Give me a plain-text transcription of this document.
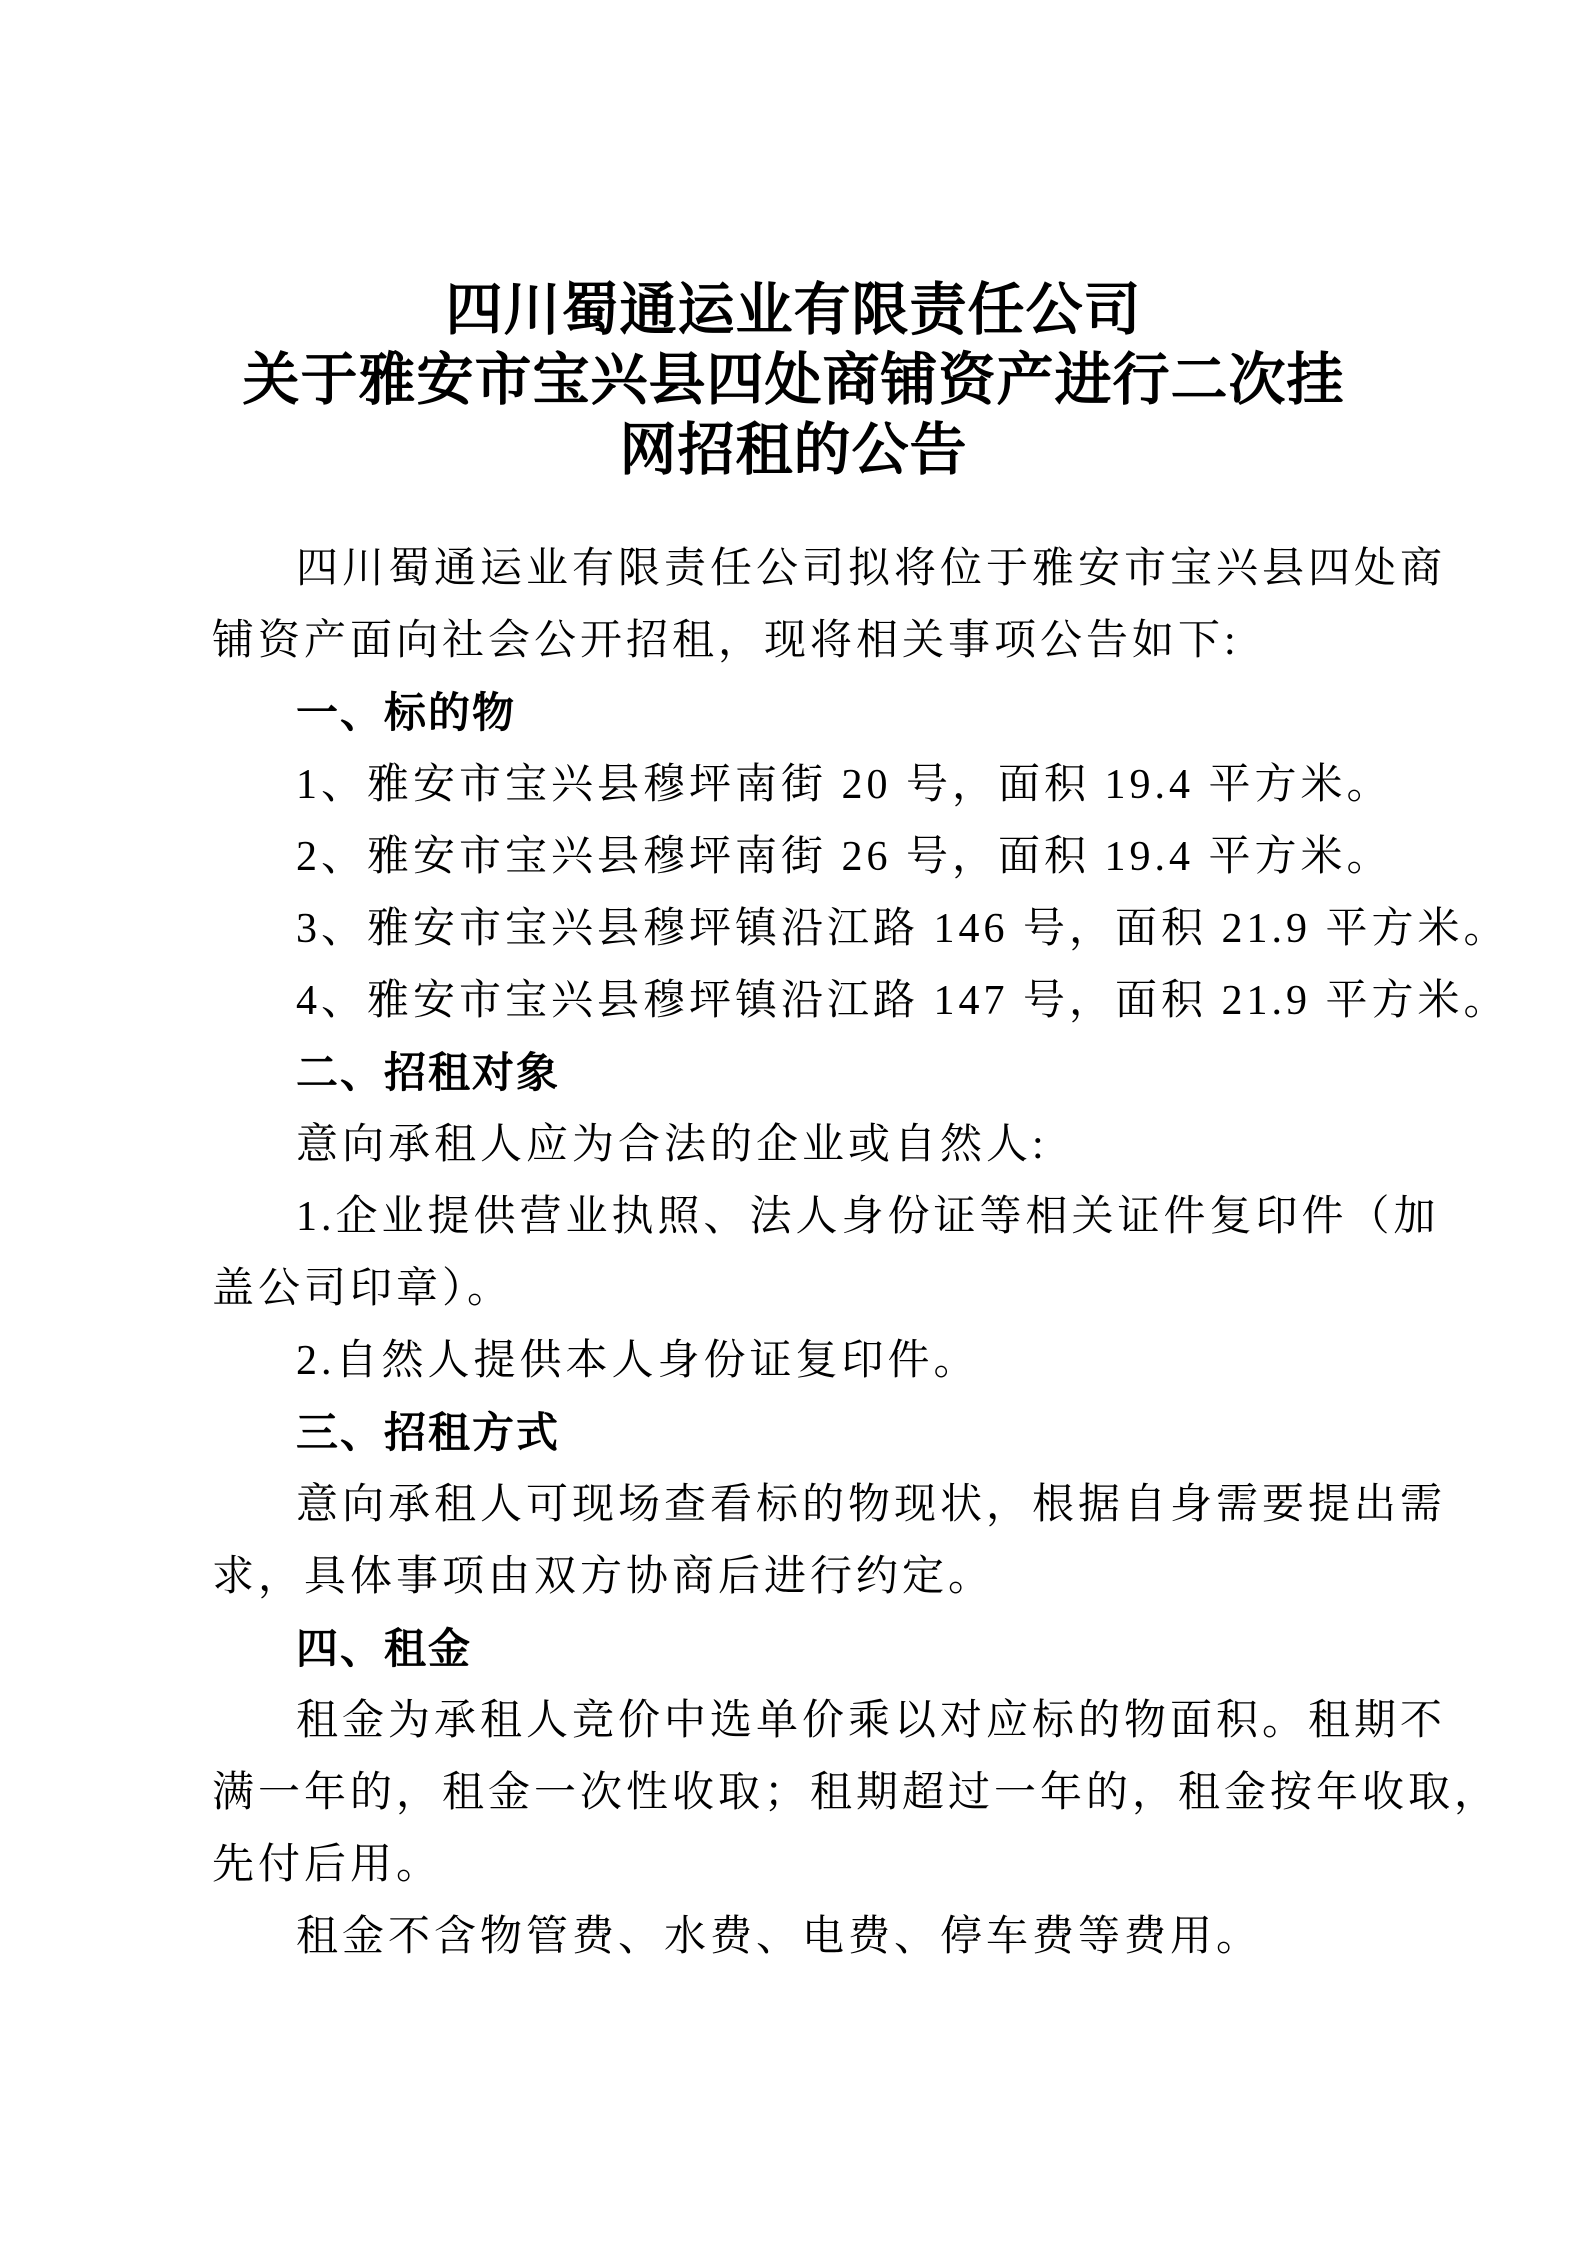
四川蜀通运业有限责任公司
关于雅安市宝兴县四处商铺资产进行二次挂
网招租的公告
四川蜀通运业有限责任公司拟将位于雅安市宝兴县四处商
铺资产面向社会公开招租，现将相关事项公告如下:
一、标的物
1、雅安市宝兴县穆坪南街 20 号，面积 19.4 平方米。
2、雅安市宝兴县穆坪南街 26 号，面积 19.4 平方米。
3、雅安市宝兴县穆坪镇沿江路 146 号，面积 21.9 平方米。
4、雅安市宝兴县穆坪镇沿江路 147 号，面积 21.9 平方米。
二、招租对象
意向承租人应为合法的企业或自然人:
1.企业提供营业执照、法人身份证等相关证件复印件（加
盖公司印章）。
2.自然人提供本人身份证复印件。
三、招租方式
意向承租人可现场查看标的物现状，根据自身需要提出需
求，具体事项由双方协商后进行约定。
四、租金
租金为承租人竞价中选单价乘以对应标的物面积。租期不
满一年的，租金一次性收取；租期超过一年的，租金按年收取，
先付后用。
租金不含物管费、水费、电费、停车费等费用。
